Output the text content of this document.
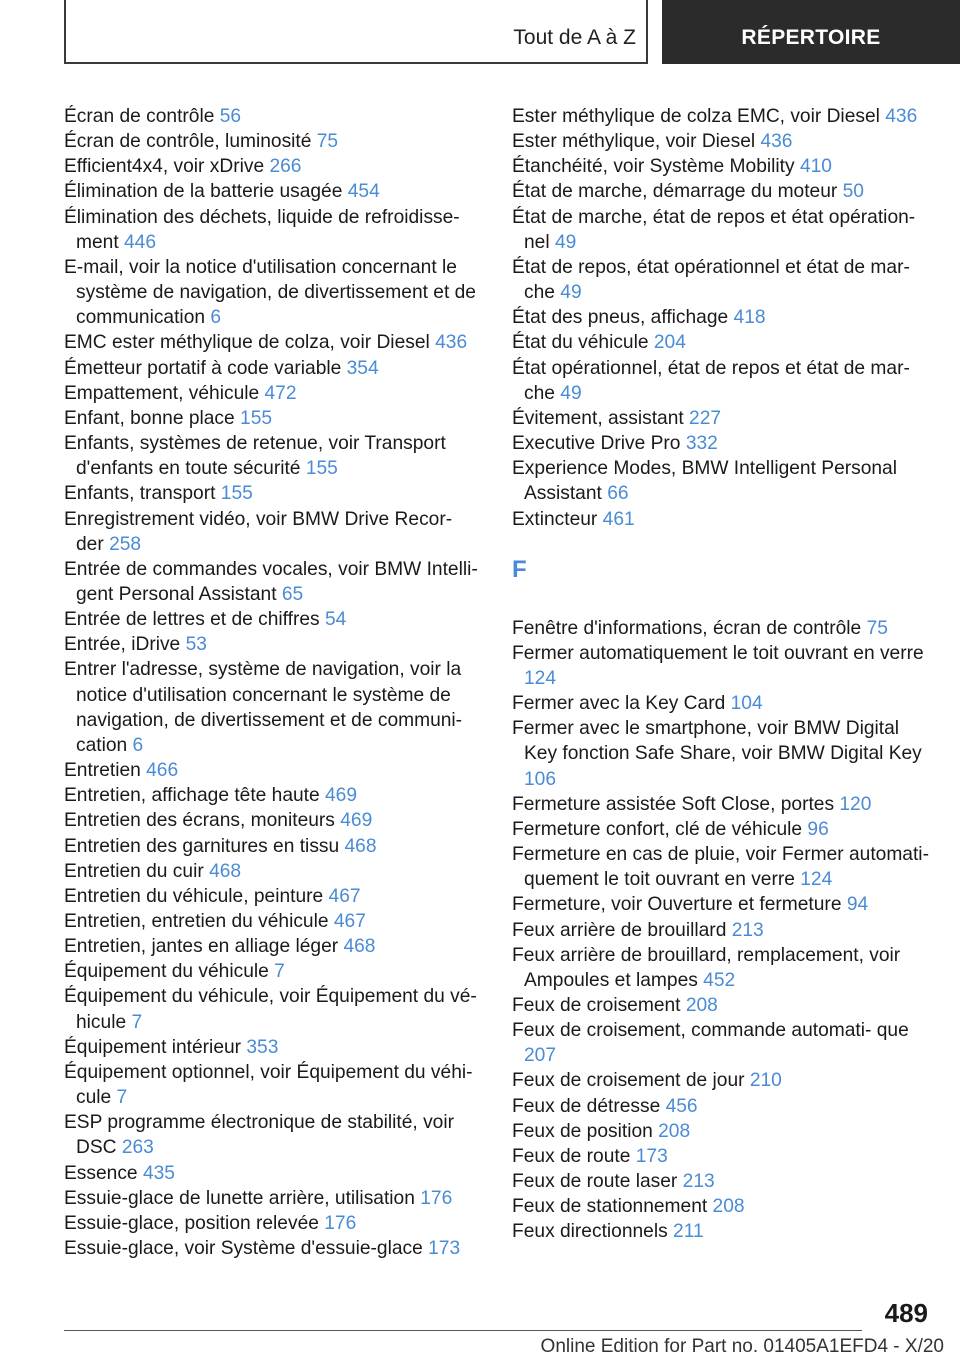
Tout de A à Z	RÉPERTOIRE
Écran de contrôle 56
Écran de contrôle, luminosité 75
Efficient4x4, voir xDrive 266
Élimination de la batterie usagée 454
Élimination des déchets, liquide de refroidisse‐ ment 446
E-mail, voir la notice d'utilisation concernant le système de navigation, de divertissement et de communication 6
EMC ester méthylique de colza, voir Diesel 436
Émetteur portatif à code variable 354
Empattement, véhicule 472
Enfant, bonne place 155
Enfants, systèmes de retenue, voir Transport d'enfants en toute sécurité 155
Enfants, transport 155
Enregistrement vidéo, voir BMW Drive Recor‐ der 258
Entrée de commandes vocales, voir BMW Intelli‐ gent Personal Assistant 65
Entrée de lettres et de chiffres 54
Entrée, iDrive 53
Entrer l'adresse, système de navigation, voir la notice d'utilisation concernant le système de navigation, de divertissement et de communi‐ cation 6
Entretien 466
Entretien, affichage tête haute 469
Entretien des écrans, moniteurs 469
Entretien des garnitures en tissu 468
Entretien du cuir 468
Entretien du véhicule, peinture 467
Entretien, entretien du véhicule 467
Entretien, jantes en alliage léger 468
Équipement du véhicule 7
Équipement du véhicule, voir Équipement du vé‐ hicule 7
Équipement intérieur 353
Équipement optionnel, voir Équipement du véhi‐ cule 7
ESP programme électronique de stabilité, voir DSC 263
Essence 435
Essuie-glace de lunette arrière, utilisation 176
Essuie-glace, position relevée 176
Essuie-glace, voir Système d'essuie-glace 173
Ester méthylique de colza EMC, voir Diesel 436
Ester méthylique, voir Diesel 436
Étanchéité, voir Système Mobility 410
État de marche, démarrage du moteur 50
État de marche, état de repos et état opération‐ nel 49
État de repos, état opérationnel et état de mar‐ che 49
État des pneus, affichage 418
État du véhicule 204
État opérationnel, état de repos et état de mar‐ che 49
Évitement, assistant 227
Executive Drive Pro 332
Experience Modes, BMW Intelligent Personal Assistant 66
Extincteur 461
F
Fenêtre d'informations, écran de contrôle 75
Fermer automatiquement le toit ouvrant en verre 124
Fermer avec la Key Card 104
Fermer avec le smartphone, voir BMW Digital Key fonction Safe Share, voir BMW Digital Key 106
Fermeture assistée Soft Close, portes 120
Fermeture confort, clé de véhicule 96
Fermeture en cas de pluie, voir Fermer automati‐ quement le toit ouvrant en verre 124
Fermeture, voir Ouverture et fermeture 94
Feux arrière de brouillard 213
Feux arrière de brouillard, remplacement, voir Ampoules et lampes 452
Feux de croisement 208
Feux de croisement, commande automati‐ que 207
Feux de croisement de jour 210
Feux de détresse 456
Feux de position 208
Feux de route 173
Feux de route laser 213
Feux de stationnement 208
Feux directionnels 211
489
Online Edition for Part no. 01405A1EFD4 - X/20
